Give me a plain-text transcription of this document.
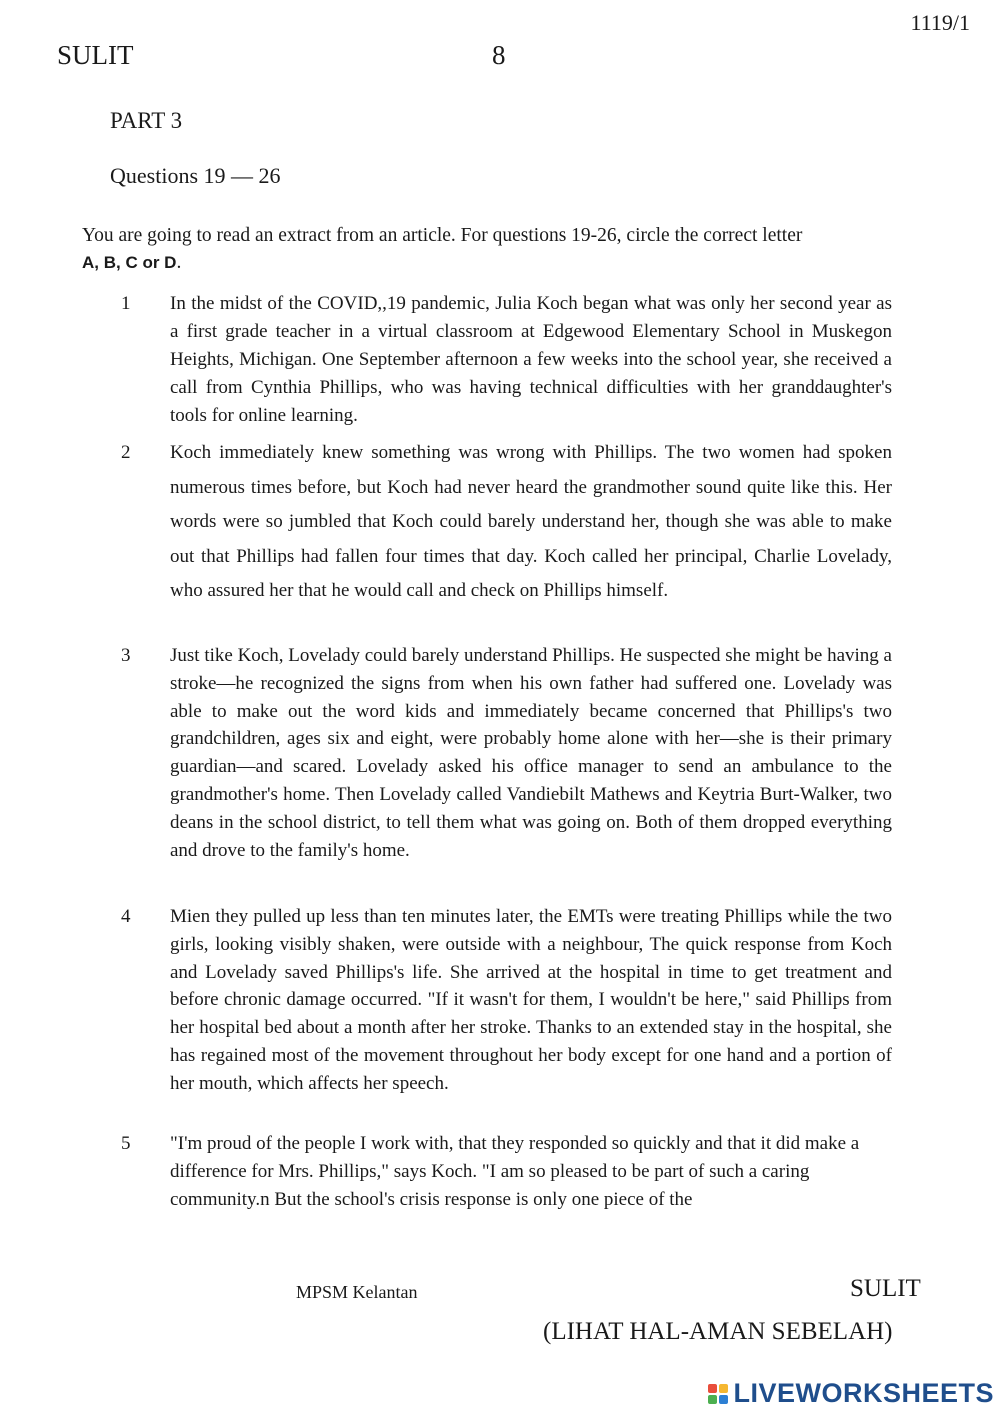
1119/1
SULIT	8
PART 3
Questions 19 — 26
You are going to read an extract from an article. For questions 19-26, circle the correct letter
A, B, C or D.
1 In the midst of the COVID,,19 pandemic, Julia Koch began what was only her second year as a first grade teacher in a virtual classroom at Edgewood Elementary School in Muskegon Heights, Michigan. One September afternoon a few weeks into the school year, she received a call from Cynthia Phillips, who was having technical difficulties with her granddaughter's tools for online learning.
2 Koch immediately knew something was wrong with Phillips. The two women had spoken numerous times before, but Koch had never heard the grandmother sound quite like this. Her words were so jumbled that Koch could barely understand her, though she was able to make out that Phillips had fallen four times that day. Koch called her principal, Charlie Lovelady, who assured her that he would call and check on Phillips himself.
3 Just tike Koch, Lovelady could barely understand Phillips. He suspected she might be having a stroke—he recognized the signs from when his own father had suffered one. Lovelady was able to make out the word kids and immediately became concerned that Phillips's two grandchildren, ages six and eight, were probably home alone with her—she is their primary guardian—and scared. Lovelady asked his office manager to send an ambulance to the grandmother's home. Then Lovelady called Vandiebilt Mathews and Keytria Burt-Walker, two deans in the school district, to tell them what was going on. Both of them dropped everything and drove to the family's home.
4 Mien they pulled up less than ten minutes later, the EMTs were treating Phillips while the two girls, looking visibly shaken, were outside with a neighbour, The quick response from Koch and Lovelady saved Phillips's life. She arrived at the hospital in time to get treatment and before chronic damage occurred. "If it wasn't for them, I wouldn't be here," said Phillips from her hospital bed about a month after her stroke. Thanks to an extended stay in the hospital, she has regained most of the movement throughout her body except for one hand and a portion of her mouth, which affects her speech.
5 "I'm proud of the people I work with, that they responded so quickly and that it did make a difference for Mrs. Phillips," says Koch. "I am so pleased to be part of such a caring community.n But the school's crisis response is only one piece of the
MPSM Kelantan	SULIT
(LIHAT HAL-AMAN SEBELAH)
LIVEWORKSHEETS
